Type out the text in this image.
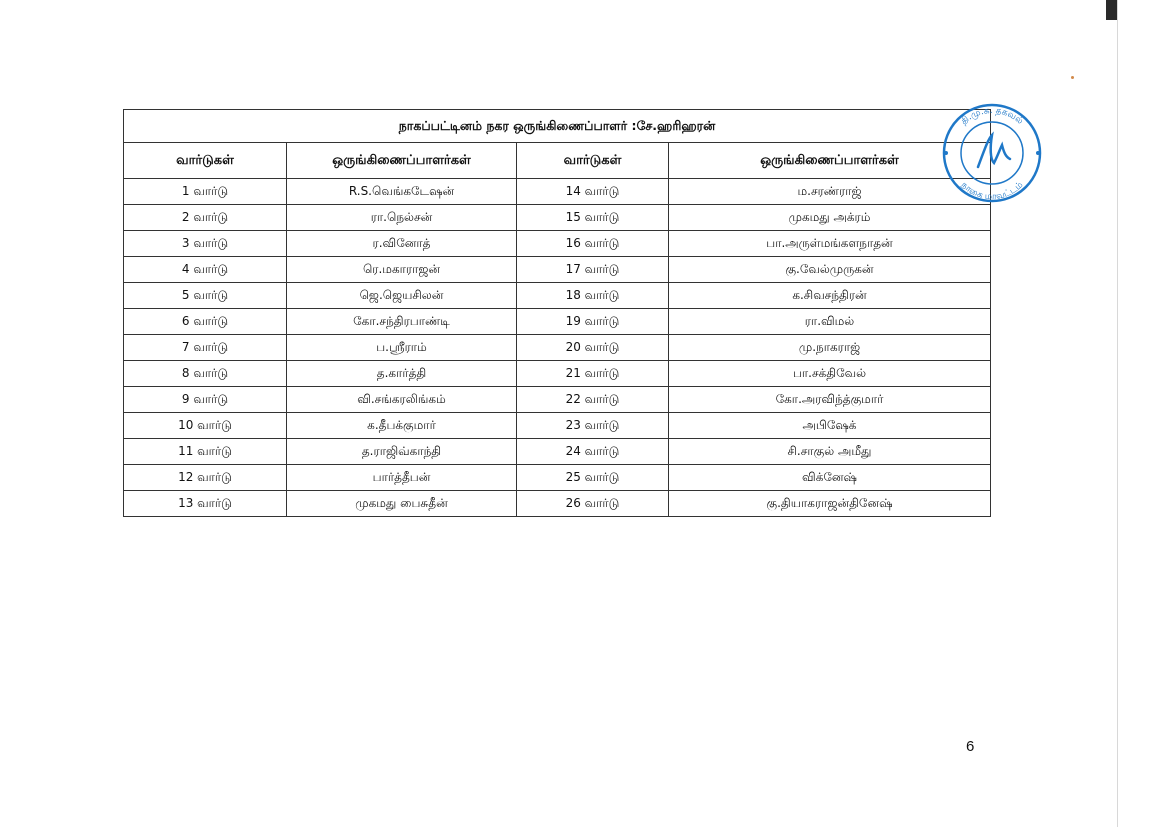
நாகப்பட்டினம் நகர ஒருங்கிணைப்பாளர் :சே.ஹரிஹரன்			
வார்டுகள்	ஒருங்கிணைப்பாளர்கள்	வார்டுகள்	ஒருங்கிணைப்பாளர்கள்
1 வார்டு	R.S.வெங்கடேஷன்	14 வார்டு	ம.சரண்ராஜ்
2 வார்டு	ரா.நெல்சன்	15 வார்டு	முகமது அக்ரம்
3 வார்டு	ர.வினோத்	16 வார்டு	பா.அருள்மங்களநாதன்
4 வார்டு	ரெ.மகாராஜன்	17 வார்டு	கு.வேல்முருகன்
5 வார்டு	ஜெ.ஜெயசிலன்	18 வார்டு	க.சிவசந்திரன்
6 வார்டு	கோ.சந்திரபாண்டி	19 வார்டு	ரா.விமல்
7 வார்டு	ப.ஸ்ரீராம்	20 வார்டு	மு.நாகராஜ்
8 வார்டு	த.கார்த்தி	21 வார்டு	பா.சக்திவேல்
9 வார்டு	வி.சங்கரலிங்கம்	22 வார்டு	கோ.அரவிந்த்குமார்
10 வார்டு	க.தீபக்குமார்	23 வார்டு	அபிஷேக்
11 வார்டு	த.ராஜிவ்காந்தி	24 வார்டு	சி.சாகுல் அமீது
12 வார்டு	பார்த்தீபன்	25 வார்டு	விக்னேஷ்
13 வார்டு	முகமது பைசுதீன்	26 வார்டு	கு.தியாகராஜன்தினேஷ்
தி.மு.க. தகவல்
நாகை மாவட்டம்
6
